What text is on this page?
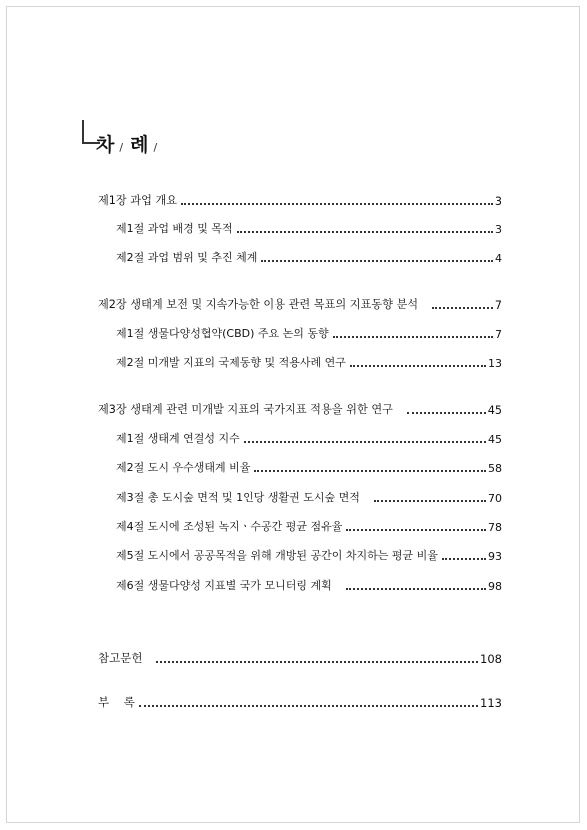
차 / 례 /
제1장 과업 개요	3
제1절 과업 배경 및 목적	3
제2절 과업 범위 및 추진 체계	4
제2장 생태계 보전 및 지속가능한 이용 관련 목표의 지표동향 분석	7
제1절 생물다양성협약(CBD) 주요 논의 동향	7
제2절 미개발 지표의 국제동향 및 적용사례 연구	13
제3장 생태계 관련 미개발 지표의 국가지표 적용을 위한 연구	45
제1절 생태계 연결성 지수	45
제2절 도시 우수생태계 비율	58
제3절 총 도시숲 면적 및 1인당 생활권 도시숲 면적	70
제4절 도시에 조성된 녹지ㆍ수공간 평균 점유율	78
제5절 도시에서 공공목적을 위해 개방된 공간이 차지하는 평균 비율	93
제6절 생물다양성 지표별 국가 모니터링 계획	98
참고문헌	108
부    록	113
